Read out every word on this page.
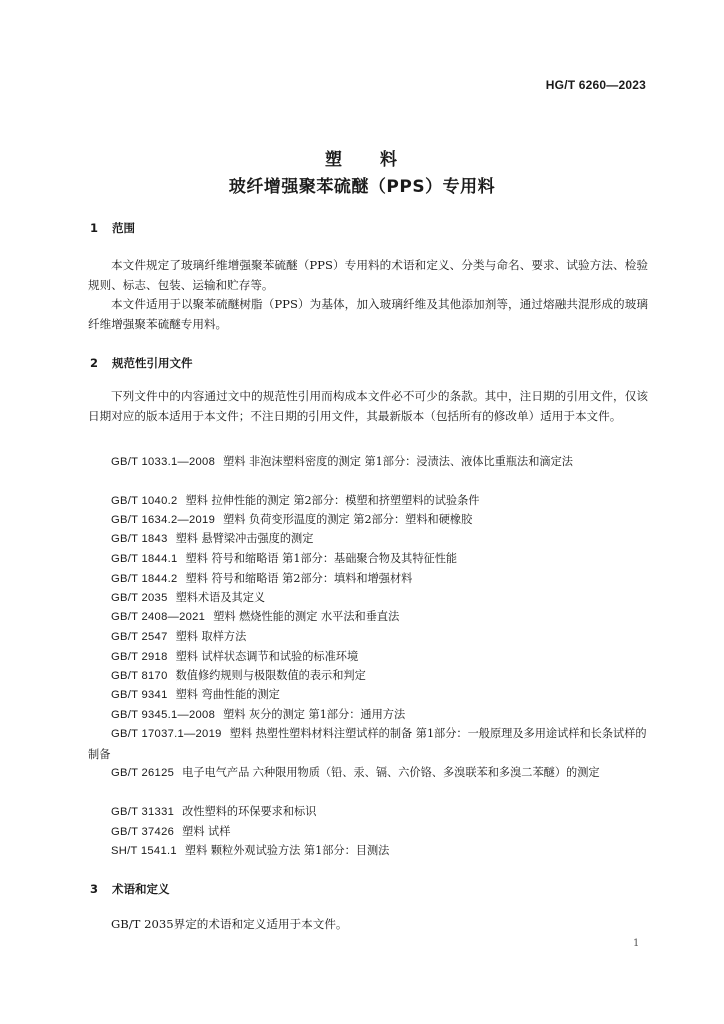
HG/T 6260—2023
塑 料
玻纤增强聚苯硫醚（PPS）专用料
1 范围
本文件规定了玻璃纤维增强聚苯硫醚（PPS）专用料的术语和定义、分类与命名、要求、试验方法、检验规则、标志、包装、运输和贮存等。
本文件适用于以聚苯硫醚树脂（PPS）为基体，加入玻璃纤维及其他添加剂等，通过熔融共混形成的玻璃纤维增强聚苯硫醚专用料。
2 规范性引用文件
下列文件中的内容通过文中的规范性引用而构成本文件必不可少的条款。其中，注日期的引用文件，仅该日期对应的版本适用于本文件；不注日期的引用文件，其最新版本（包括所有的修改单）适用于本文件。
GB/T 1033.1—2008 塑料 非泡沫塑料密度的测定 第1部分：浸渍法、液体比重瓶法和滴定法
GB/T 1040.2 塑料 拉伸性能的测定 第2部分：模塑和挤塑塑料的试验条件
GB/T 1634.2—2019 塑料 负荷变形温度的测定 第2部分：塑料和硬橡胶
GB/T 1843 塑料 悬臂梁冲击强度的测定
GB/T 1844.1 塑料 符号和缩略语 第1部分：基础聚合物及其特征性能
GB/T 1844.2 塑料 符号和缩略语 第2部分：填料和增强材料
GB/T 2035 塑料术语及其定义
GB/T 2408—2021 塑料 燃烧性能的测定 水平法和垂直法
GB/T 2547 塑料 取样方法
GB/T 2918 塑料 试样状态调节和试验的标准环境
GB/T 8170 数值修约规则与极限数值的表示和判定
GB/T 9341 塑料 弯曲性能的测定
GB/T 9345.1—2008 塑料 灰分的测定 第1部分：通用方法
GB/T 17037.1—2019 塑料 热塑性塑料材料注塑试样的制备 第1部分：一般原理及多用途试样和长条试样的制备
GB/T 26125 电子电气产品 六种限用物质（铅、汞、镉、六价铬、多溴联苯和多溴二苯醚）的测定
GB/T 31331 改性塑料的环保要求和标识
GB/T 37426 塑料 试样
SH/T 1541.1 塑料 颗粒外观试验方法 第1部分：目测法
3 术语和定义
GB/T 2035界定的术语和定义适用于本文件。
1
